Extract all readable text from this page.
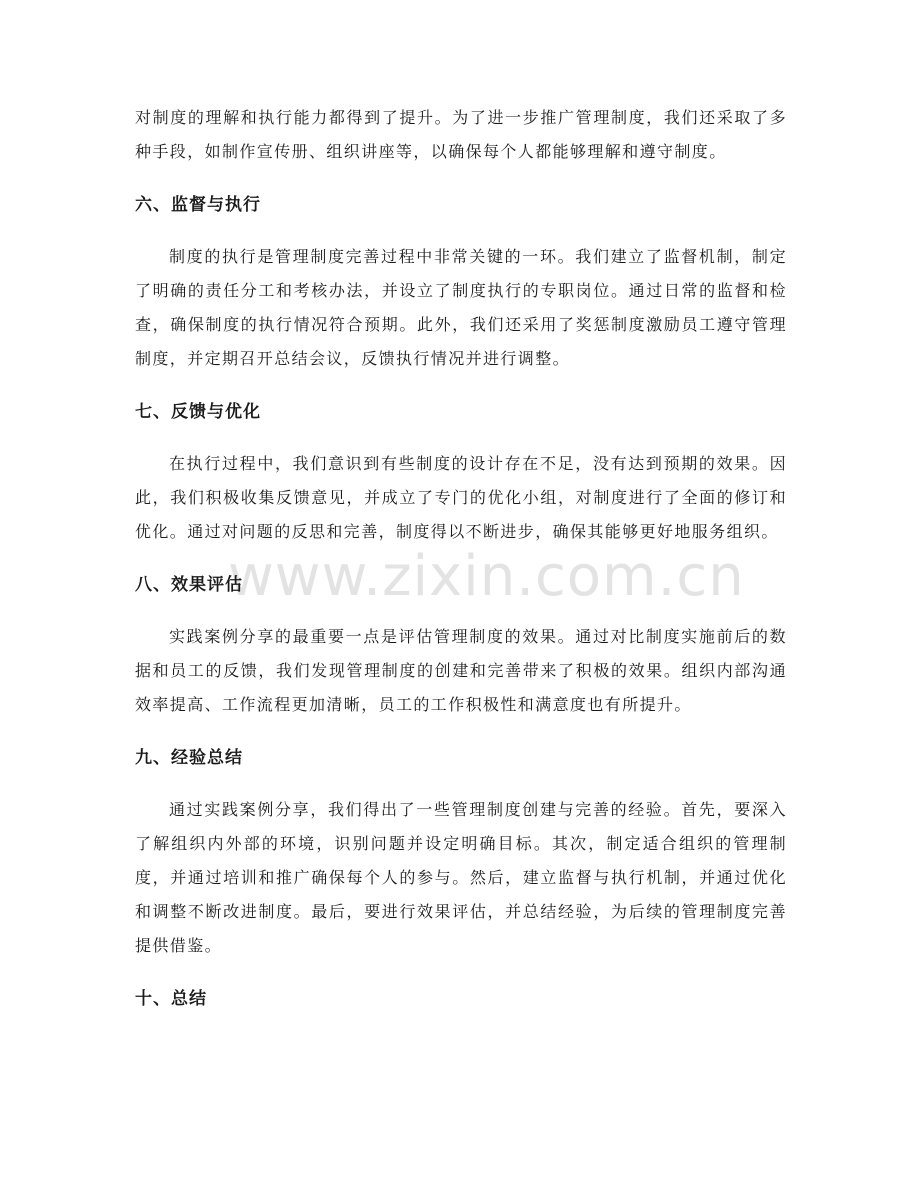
www.zixin.com.cn

对制度的理解和执行能力都得到了提升。为了进一步推广管理制度，我们还采取了多种手段，如制作宣传册、组织讲座等，以确保每个人都能够理解和遵守制度。

六、监督与执行

制度的执行是管理制度完善过程中非常关键的一环。我们建立了监督机制，制定了明确的责任分工和考核办法，并设立了制度执行的专职岗位。通过日常的监督和检查，确保制度的执行情况符合预期。此外，我们还采用了奖惩制度激励员工遵守管理制度，并定期召开总结会议，反馈执行情况并进行调整。

七、反馈与优化

在执行过程中，我们意识到有些制度的设计存在不足，没有达到预期的效果。因此，我们积极收集反馈意见，并成立了专门的优化小组，对制度进行了全面的修订和优化。通过对问题的反思和完善，制度得以不断进步，确保其能够更好地服务组织。

八、效果评估

实践案例分享的最重要一点是评估管理制度的效果。通过对比制度实施前后的数据和员工的反馈，我们发现管理制度的创建和完善带来了积极的效果。组织内部沟通效率提高、工作流程更加清晰，员工的工作积极性和满意度也有所提升。

九、经验总结

通过实践案例分享，我们得出了一些管理制度创建与完善的经验。首先，要深入了解组织内外部的环境，识别问题并设定明确目标。其次，制定适合组织的管理制度，并通过培训和推广确保每个人的参与。然后，建立监督与执行机制，并通过优化和调整不断改进制度。最后，要进行效果评估，并总结经验，为后续的管理制度完善提供借鉴。

十、总结
